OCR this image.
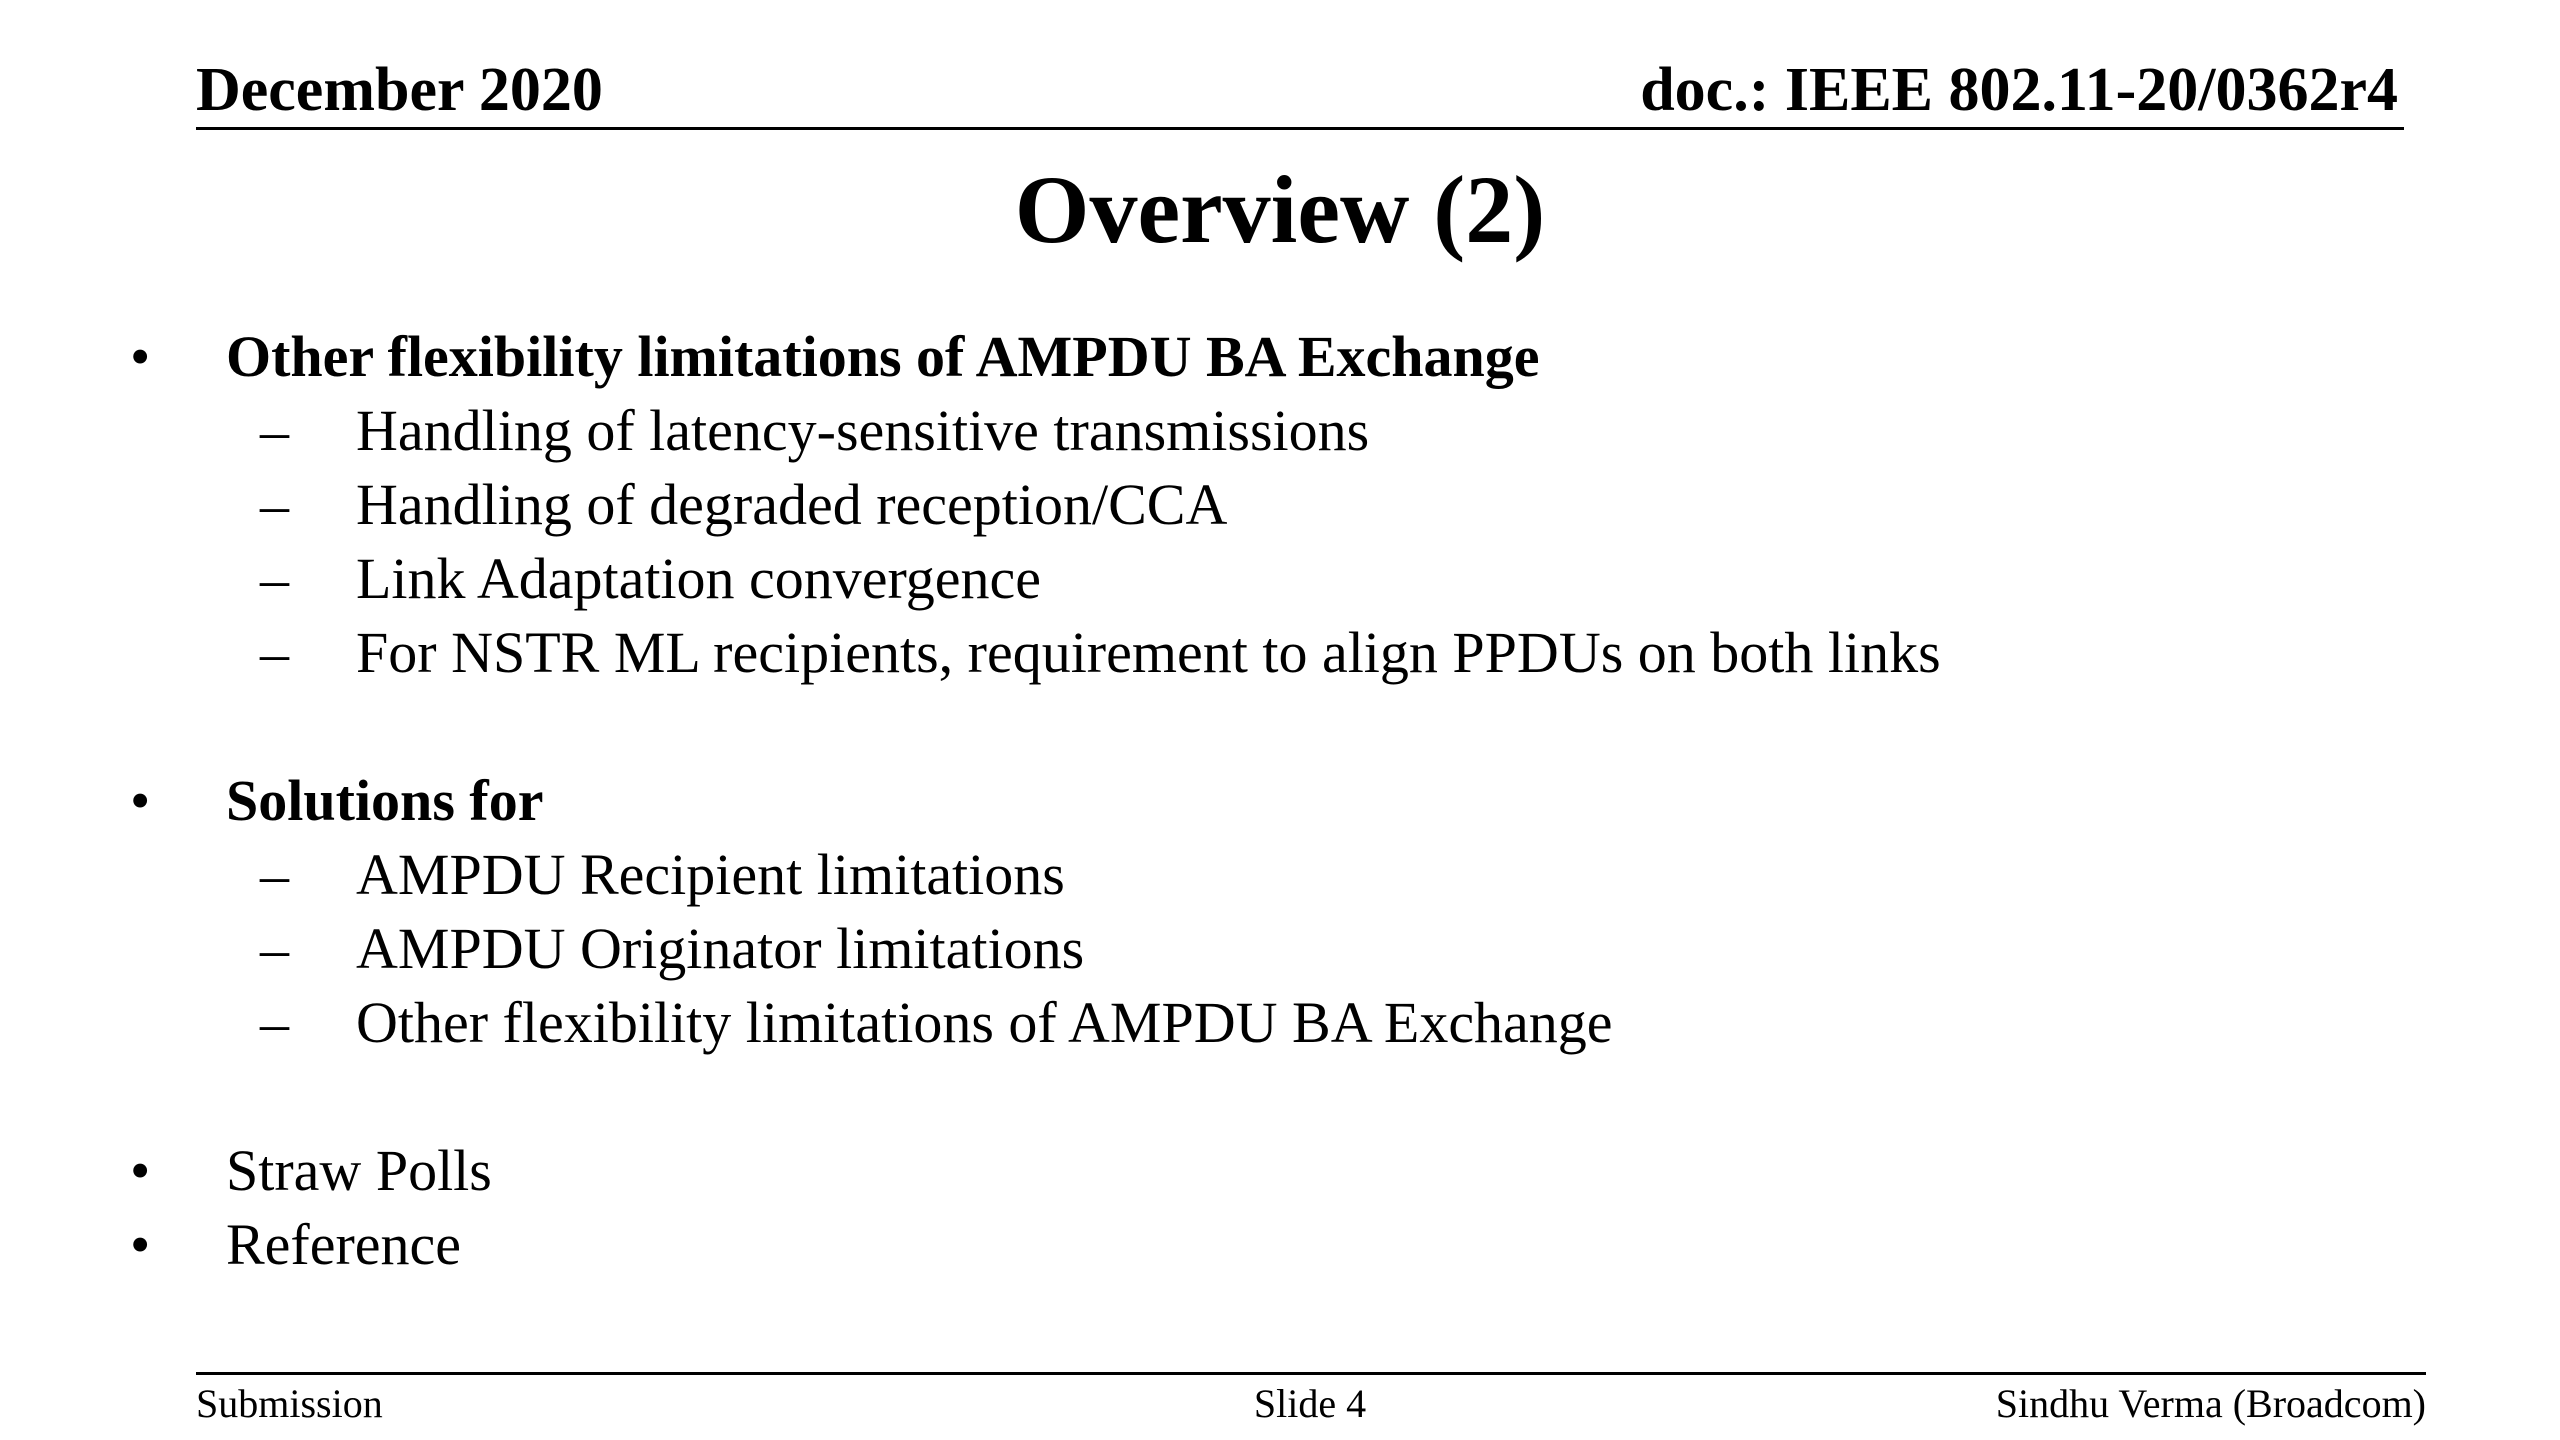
December 2020	doc.: IEEE 802.11-20/0362r4
Overview (2)
• Other flexibility limitations of AMPDU BA Exchange
– Handling of latency-sensitive transmissions
– Handling of degraded reception/CCA
– Link Adaptation convergence
– For NSTR ML recipients, requirement to align PPDUs on both links
• Solutions for
– AMPDU Recipient limitations
– AMPDU Originator limitations
– Other flexibility limitations of AMPDU BA Exchange
• Straw Polls
• Reference
Submission	Slide 4	Sindhu Verma (Broadcom)
